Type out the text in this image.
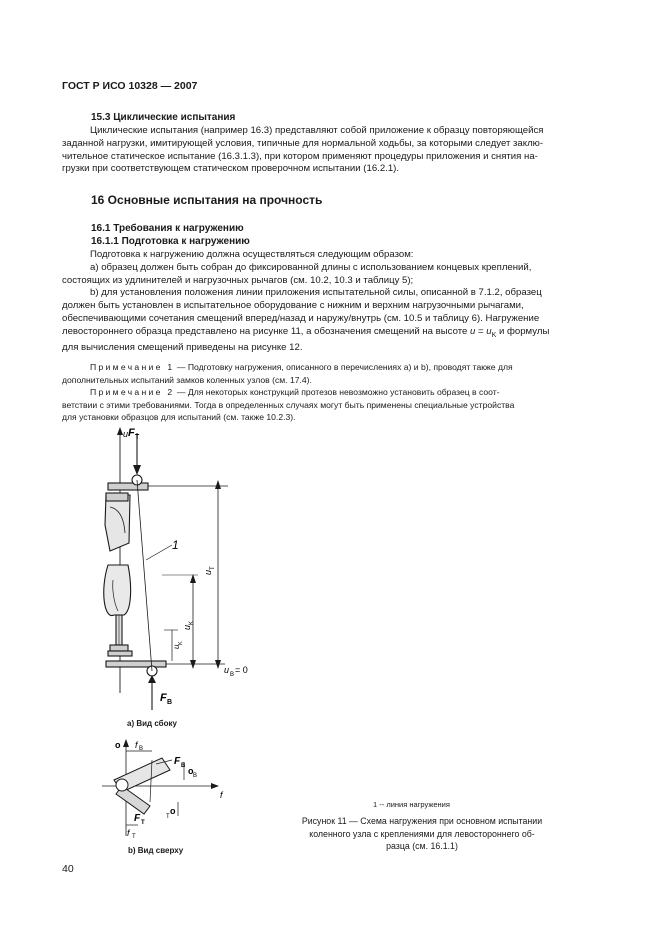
ГОСТ Р ИСО 10328 — 2007
15.3 Циклические испытания
Циклические испытания (например 16.3) представляют собой приложение к образцу повторяющейся
заданной нагрузки, имитирующей условия, типичные для нормальной ходьбы, за которыми следует заклю-
чительное статическое испытание (16.3.1.3), при котором применяют процедуры приложения и снятия на-
грузки при соответствующем статическом проверочном испытании (16.2.1).
16 Основные испытания на прочность
16.1 Требования к нагружению
16.1.1 Подготовка к нагружению
Подготовка к нагружению должна осуществляться следующим образом:
a) образец должен быть собран до фиксированной длины с использованием концевых креплений,
состоящих из удлинителей и нагрузочных рычагов (см. 10.2, 10.3 и таблицу 5);
b) для установления положения линии приложения испытательной силы, описанной в 7.1.2, образец
должен быть установлен в испытательное оборудование с нижним и верхним нагрузочными рычагами,
обеспечивающими сочетания смещений вперед/назад и наружу/внутрь (см. 10.5 и таблицу 6). Нагружение
левостороннего образца представлено на рисунке 11, а обозначения смещений на высоте $u = u_K$ и формулы
для вычисления смещений приведены на рисунке 12.
Примечание 1 — Подготовку нагружения, описанного в перечислениях a) и b), проводят также для
дополнительных испытаний замков коленных узлов (см. 17.4).
Примечание 2 — Для некоторых конструкций протезов невозможно установить образец в соот-
ветствии с этими требованиями. Тогда в определенных случаях могут быть применены специальные устройства
для установки образцов для испытаний (см. также 10.2.3).
F T
u
1
F B
u
T
u
K
u
K
u B = 0
a) Вид сбоку
o
f
f B
F B
f T
F T
o B
o
T
b) Вид сверху
1 -- линия нагружения
Рисунок 11 — Схема нагружения при основном испытании
коленного узла с креплениями для левостороннего об-
разца (см. 16.1.1)
40
